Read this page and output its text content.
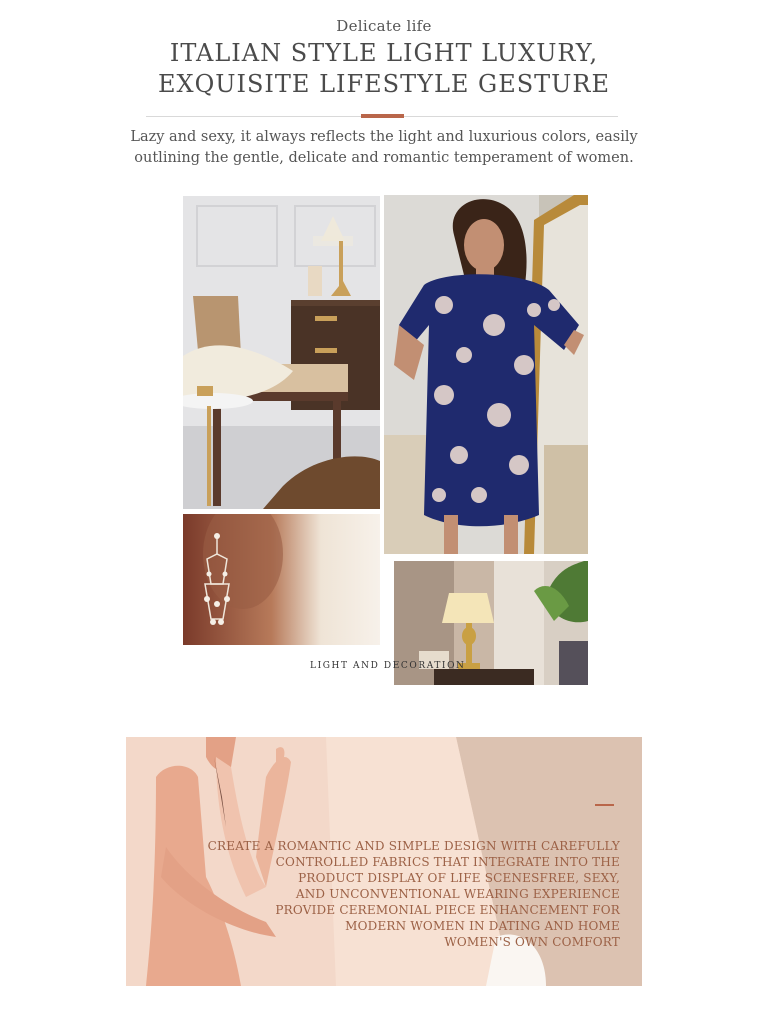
Delicate life
ITALIAN STYLE LIGHT LUXURY,
EXQUISITE LIFESTYLE GESTURE
Lazy and sexy, it always reflects the light and luxurious colors, easily
outlining the gentle, delicate and romantic temperament of women.
LIGHT AND DECORATION
CREATE A ROMANTIC AND SIMPLE DESIGN WITH CAREFULLY
CONTROLLED FABRICS THAT INTEGRATE INTO THE
PRODUCT DISPLAY OF LIFE SCENESFREE, SEXY,
AND UNCONVENTIONAL WEARING EXPERIENCE
PROVIDE CEREMONIAL PIECE ENHANCEMENT FOR
MODERN WOMEN IN DATING AND HOME
WOMEN'S OWN COMFORT
